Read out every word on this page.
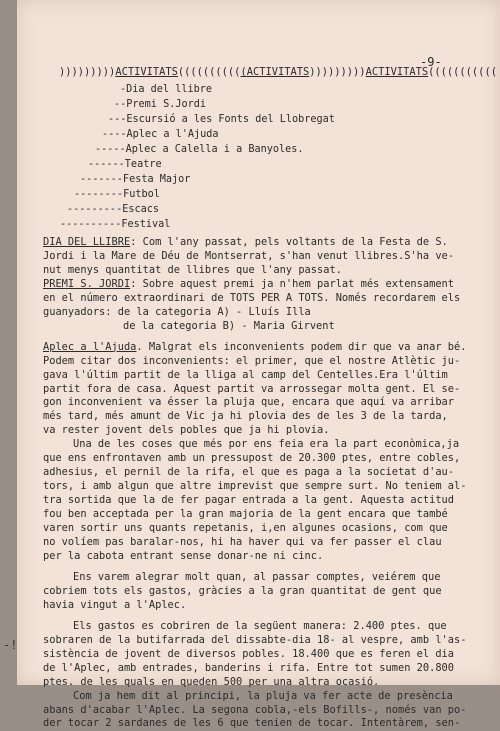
-9-
)))))))))ACTIVITATS(((((((((((ACTIVITATS)))))))))ACTIVITATS(((((((((((
-Dia del llibre
--Premi S.Jordi
---Escursió a les Fonts del Llobregat
----Aplec a l'Ajuda
-----Aplec a Calella i a Banyoles.
------Teatre
-------Festa Major
--------Futbol
---------Escacs
----------Festival
DIA DEL LLIBRE: Com l'any passat, pels voltants de la Festa de S.
Jordi i la Mare de Déu de Montserrat, s'han venut llibres.S'ha ve-
nut menys quantitat de llibres que l'any passat.
PREMI S. JORDI: Sobre aquest premi ja n'hem parlat més extensament
en el número extraordinari de TOTS PER A TOTS. Només recordarem els
guanyadors: de la categoria A) - Lluís Illa
de la categoria B) - Maria Girvent
Aplec a l'Ajuda. Malgrat els inconvenients podem dir que va anar bé.
Podem citar dos inconvenients: el primer, que el nostre Atlètic ju-
gava l'últim partit de la lliga al camp del Centelles.Era l'últim
partit fora de casa. Aquest partit va arrossegar molta gent. El se-
gon inconvenient va ésser la pluja que, encara que aquí va arribar
més tard, més amunt de Vic ja hi plovia des de les 3 de la tarda,
va rester jovent dels pobles que ja hi plovia.
Una de les coses que més por ens feia era la part econòmica,ja
que ens enfrontaven amb un pressupost de 20.300 ptes, entre cobles,
adhesius, el pernil de la rifa, el que es paga a la societat d'au-
tors, i amb algun que altre imprevist que sempre surt. No teniem al-
tra sortida que la de fer pagar entrada a la gent. Aquesta actitud
fou ben acceptada per la gran majoria de la gent encara que també
varen sortir uns quants repetanis, i,en algunes ocasions, com que
no volíem pas baralar-nos, hi ha haver qui va fer passer el clau
per la cabota entrant sense donar-ne ni cinc.
Ens varem alegrar molt quan, al passar comptes, veiérem que
cobriem tots els gastos, gràcies a la gran quantitat de gent que
havia vingut a l'Aplec.
Els gastos es cobriren de la següent manera: 2.400 ptes. que
sobraren de la butifarrada del dissabte-dia 18- al vespre, amb l'as-
sistència de jovent de diversos pobles. 18.400 que es feren el dia
de l'Aplec, amb entrades, banderins i rifa. Entre tot sumen 20.800
ptes. de les quals en queden 500 per una altra ocasió.
Com ja hem dit al principi, la pluja va fer acte de presència
abans d'acabar l'Aplec. La segona cobla,-els Bofills-, només van po-
der tocar 2 sardanes de les 6 que tenien de tocar. Intentàrem, sen-
-!
